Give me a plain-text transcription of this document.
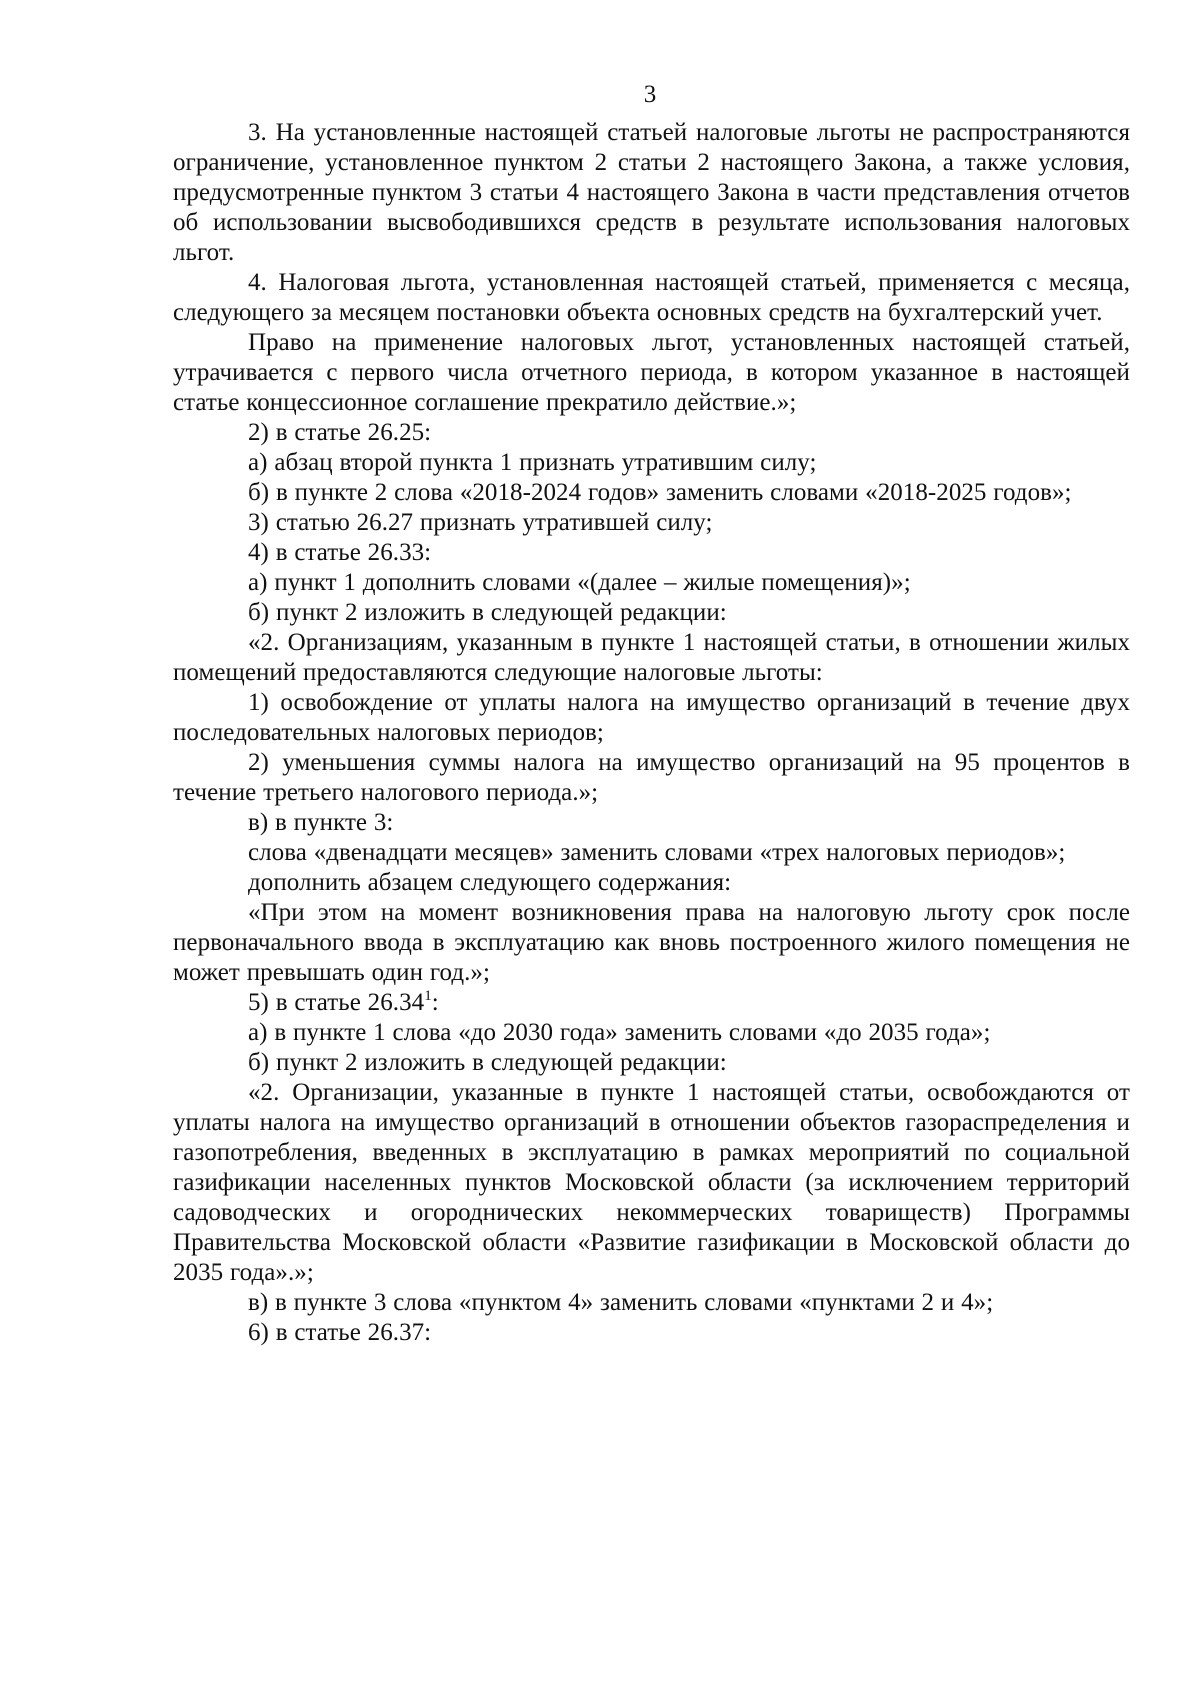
3
3. На установленные настоящей статьей налоговые льготы не распространяются ограничение, установленное пунктом 2 статьи 2 настоящего Закона, а также условия, предусмотренные пунктом 3 статьи 4 настоящего Закона в части представления отчетов об использовании высвободившихся средств в результате использования налоговых льгот.
4. Налоговая льгота, установленная настоящей статьей, применяется с месяца, следующего за месяцем постановки объекта основных средств на бухгалтерский учет.
Право на применение налоговых льгот, установленных настоящей статьей, утрачивается с первого числа отчетного периода, в котором указанное в настоящей статье концессионное соглашение прекратило действие.»;
2) в статье 26.25:
а) абзац второй пункта 1 признать утратившим силу;
б) в пункте 2 слова «2018-2024 годов» заменить словами «2018-2025 годов»;
3) статью 26.27 признать утратившей силу;
4) в статье 26.33:
а) пункт 1 дополнить словами «(далее – жилые помещения)»;
б) пункт 2 изложить в следующей редакции:
«2. Организациям, указанным в пункте 1 настоящей статьи, в отношении жилых помещений предоставляются следующие налоговые льготы:
1) освобождение от уплаты налога на имущество организаций в течение двух последовательных налоговых периодов;
2) уменьшения суммы налога на имущество организаций на 95 процентов в течение третьего налогового периода.»;
в) в пункте 3:
слова «двенадцати месяцев» заменить словами «трех налоговых периодов»;
дополнить абзацем следующего содержания:
«При этом на момент возникновения права на налоговую льготу срок после первоначального ввода в эксплуатацию как вновь построенного жилого помещения не может превышать один год.»;
5) в статье 26.34$^1$:
а) в пункте 1 слова «до 2030 года» заменить словами «до 2035 года»;
б) пункт 2 изложить в следующей редакции:
«2. Организации, указанные в пункте 1 настоящей статьи, освобождаются от уплаты налога на имущество организаций в отношении объектов газораспределения и газопотребления, введенных в эксплуатацию в рамках мероприятий по социальной газификации населенных пунктов Московской области (за исключением территорий садоводческих и огороднических некоммерческих товариществ) Программы Правительства Московской области «Развитие газификации в Московской области до 2035 года».»;
в) в пункте 3 слова «пунктом 4» заменить словами «пунктами 2 и 4»;
6) в статье 26.37:
